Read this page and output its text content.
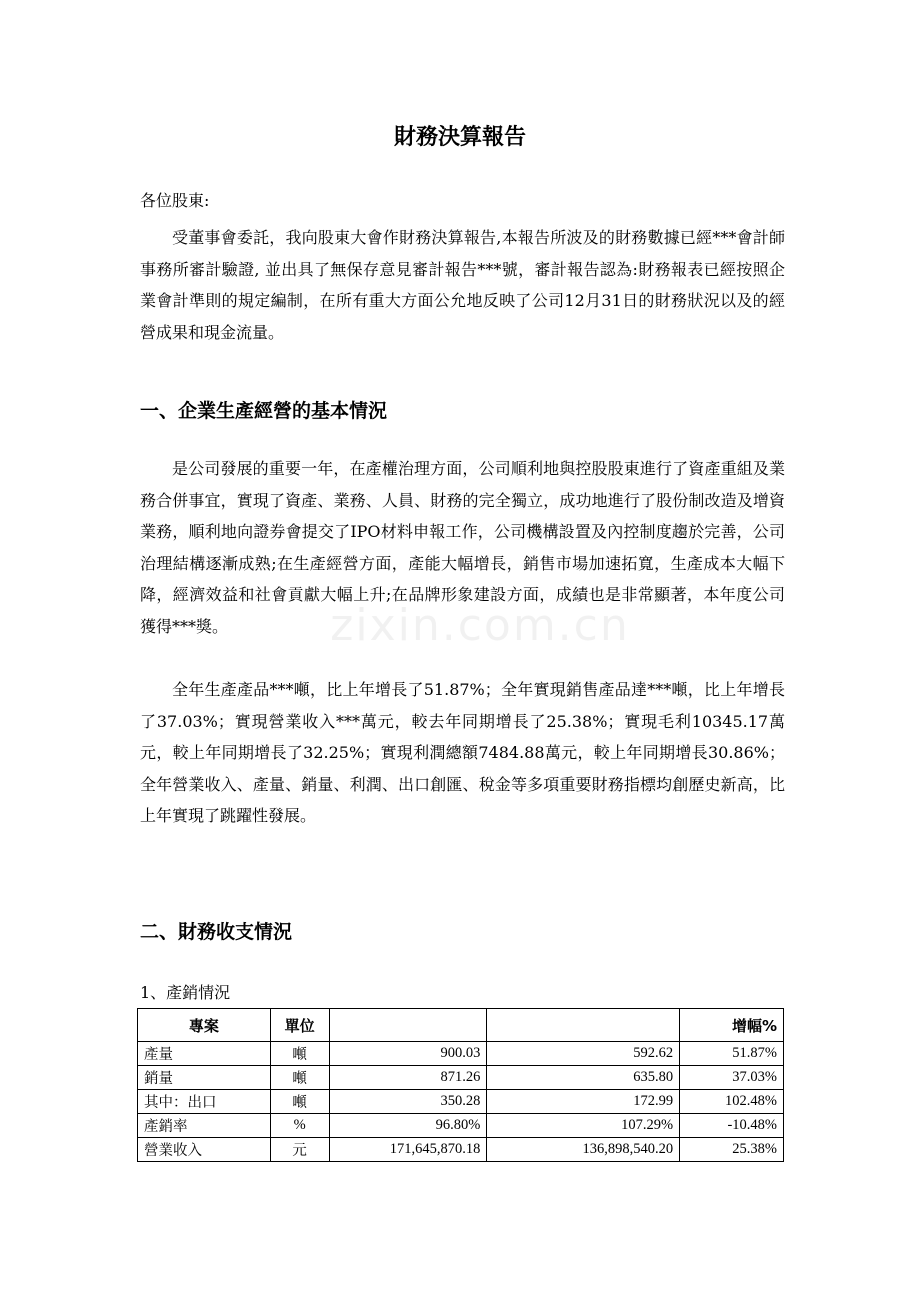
zixin.com.cn
財務決算報告
各位股東:

受董事會委託，我向股東大會作財務決算報告,本報告所波及的財務數據已經***會計師事務所審計驗證, 並出具了無保存意見審計報告***號，審計報告認為:財務報表已經按照企業會計準則的規定編制，在所有重大方面公允地反映了公司12月31日的財務狀況以及的經營成果和現金流量。

一、企業生產經營的基本情況

是公司發展的重要一年，在產權治理方面，公司順利地與控股股東進行了資產重組及業務合併事宜，實現了資產、業務、人員、財務的完全獨立，成功地進行了股份制改造及增資業務，順利地向證券會提交了IPO材料申報工作，公司機構設置及內控制度趨於完善，公司治理結構逐漸成熟;在生產經營方面，產能大幅增長，銷售市場加速拓寬，生產成本大幅下降，經濟效益和社會貢獻大幅上升;在品牌形象建設方面，成績也是非常顯著，本年度公司獲得***獎。

全年生產產品***噸，比上年增長了51.87%；全年實現銷售產品達***噸，比上年增長了37.03%；實現營業收入***萬元，較去年同期增長了25.38%；實現毛利10345.17萬元，較上年同期增長了32.25%；實現利潤總額7484.88萬元，較上年同期增長30.86%；全年營業收入、產量、銷量、利潤、出口創匯、稅金等多項重要財務指標均創歷史新高，比上年實現了跳躍性發展。

二、財務收支情況
1、產銷情況
專案	單位			增幅%
產量	噸	900.03	592.62	51.87%
銷量	噸	871.26	635.80	37.03%
其中：出口	噸	350.28	172.99	102.48%
產銷率	%	96.80%	107.29%	-10.48%
營業收入	元	171,645,870.18	136,898,540.20	25.38%
